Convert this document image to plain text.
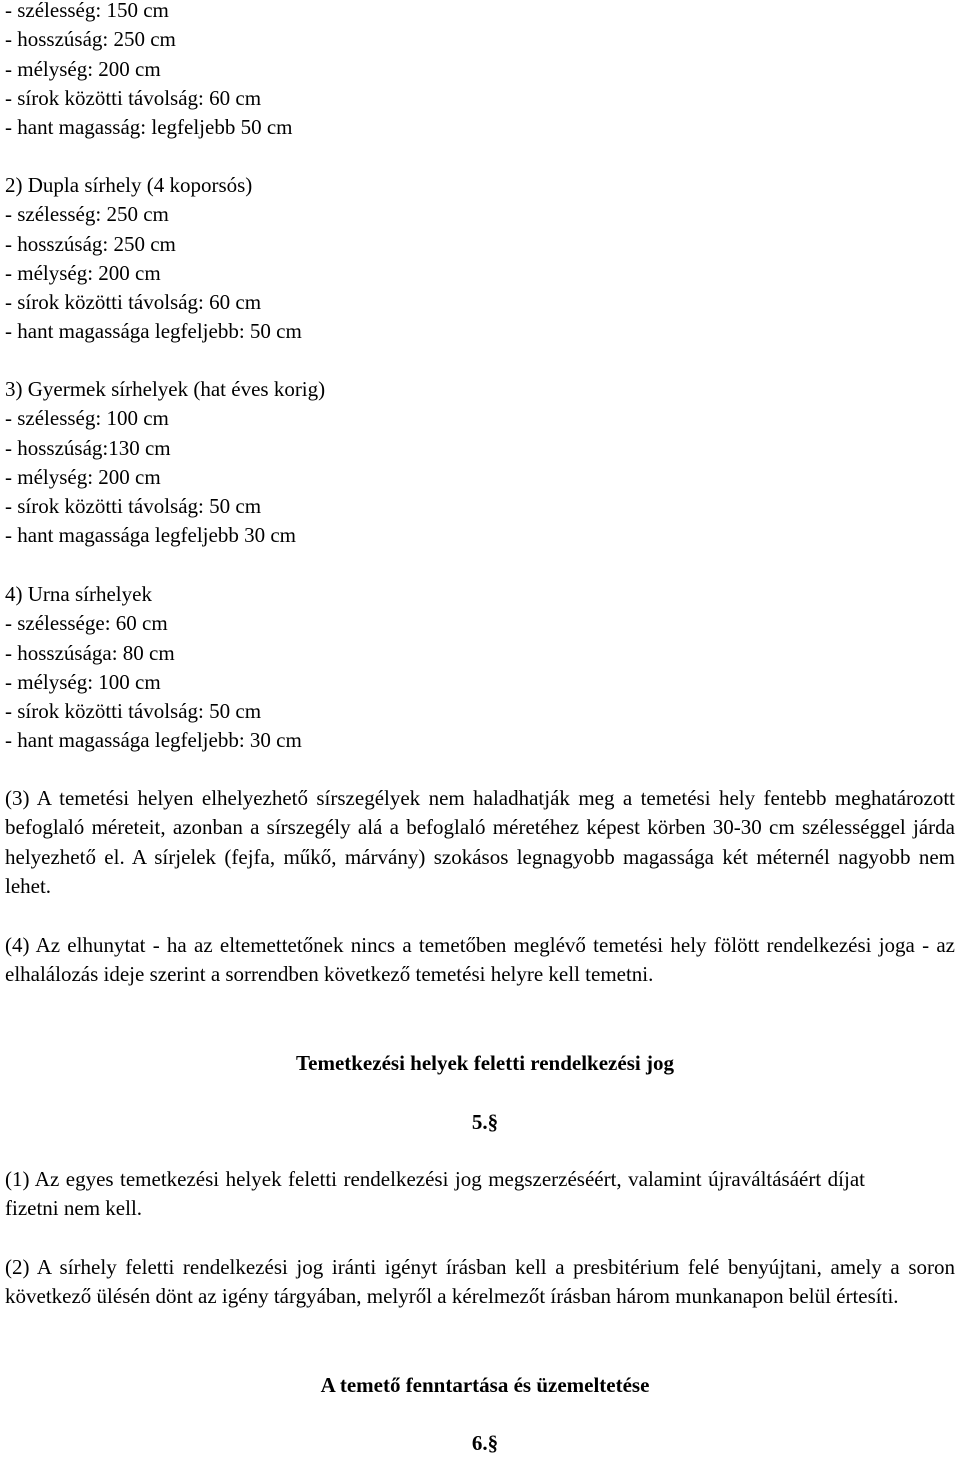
- szélesség: 150 cm
- hosszúság: 250 cm
- mélység: 200 cm
- sírok közötti távolság: 60 cm
- hant magasság: legfeljebb 50 cm
2) Dupla sírhely (4 koporsós)
- szélesség: 250 cm
- hosszúság: 250 cm
- mélység: 200 cm
- sírok közötti távolság: 60 cm
- hant magassága legfeljebb: 50 cm
3) Gyermek sírhelyek (hat éves korig)
- szélesség: 100 cm
- hosszúság:130 cm
- mélység: 200 cm
- sírok közötti távolság: 50 cm
- hant magassága legfeljebb 30 cm
4) Urna sírhelyek
- szélessége: 60 cm
- hosszúsága: 80 cm
- mélység: 100 cm
- sírok közötti távolság: 50 cm
- hant magassága legfeljebb: 30 cm

(3) A temetési helyen elhelyezhető sírszegélyek nem haladhatják meg a temetési hely fentebb meghatározott befoglaló méreteit, azonban a sírszegély alá a befoglaló méretéhez képest körben 30-30 cm szélességgel járda helyezhető el. A sírjelek (fejfa, műkő, márvány) szokásos legnagyobb magassága két méternél nagyobb nem lehet.

(4) Az elhunytat - ha az eltemettetőnek nincs a temetőben meglévő temetési hely fölött rendelkezési joga - az elhalálozás ideje szerint a sorrendben következő temetési helyre kell temetni.

Temetkezési helyek feletti rendelkezési jog
5.§

(1) Az egyes temetkezési helyek feletti rendelkezési jog megszerzéséért, valamint újraváltásáért díjat fizetni nem kell.

(2) A sírhely feletti rendelkezési jog iránti igényt írásban kell a presbitérium felé benyújtani, amely a soron következő ülésén dönt az igény tárgyában, melyről a kérelmezőt írásban három munkanapon belül értesíti.

A temető fenntartása és üzemeltetése
6.§
